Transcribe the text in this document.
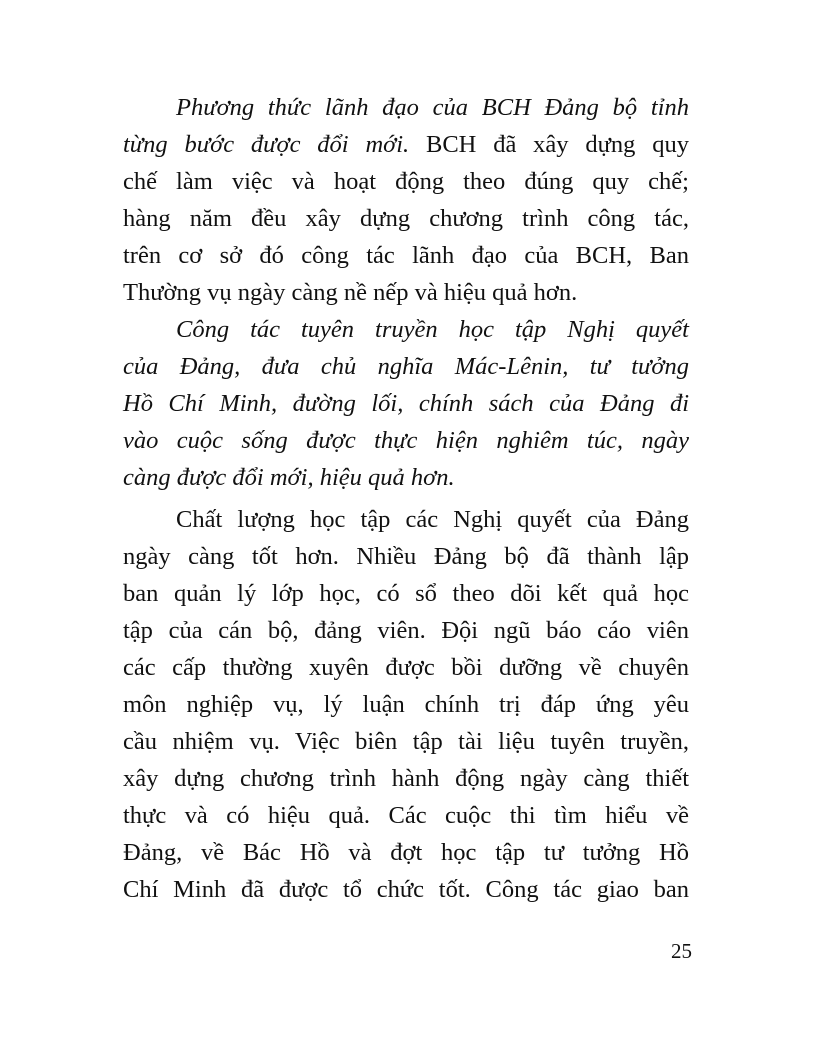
Phương thức lãnh đạo của BCH Đảng bộ tỉnh
từng bước được đổi mới. BCH đã xây dựng quy
chế làm việc và hoạt động theo đúng quy chế;
hàng năm đều xây dựng chương trình công tác,
trên cơ sở đó công tác lãnh đạo của BCH, Ban
Thường vụ ngày càng nề nếp và hiệu quả hơn.
Công tác tuyên truyền học tập Nghị quyết
của Đảng, đưa chủ nghĩa Mác-Lênin, tư tưởng
Hồ Chí Minh, đường lối, chính sách của Đảng đi
vào cuộc sống được thực hiện nghiêm túc, ngày
càng được đổi mới, hiệu quả hơn.
Chất lượng học tập các Nghị quyết của Đảng
ngày càng tốt hơn. Nhiều Đảng bộ đã thành lập
ban quản lý lớp học, có sổ theo dõi kết quả học
tập của cán bộ, đảng viên. Đội ngũ báo cáo viên
các cấp thường xuyên được bồi dưỡng về chuyên
môn nghiệp vụ, lý luận chính trị đáp ứng yêu
cầu nhiệm vụ. Việc biên tập tài liệu tuyên truyền,
xây dựng chương trình hành động ngày càng thiết
thực và có hiệu quả. Các cuộc thi tìm hiểu về
Đảng, về Bác Hồ và đợt học tập tư tưởng Hồ
Chí Minh đã được tổ chức tốt. Công tác giao ban
25
